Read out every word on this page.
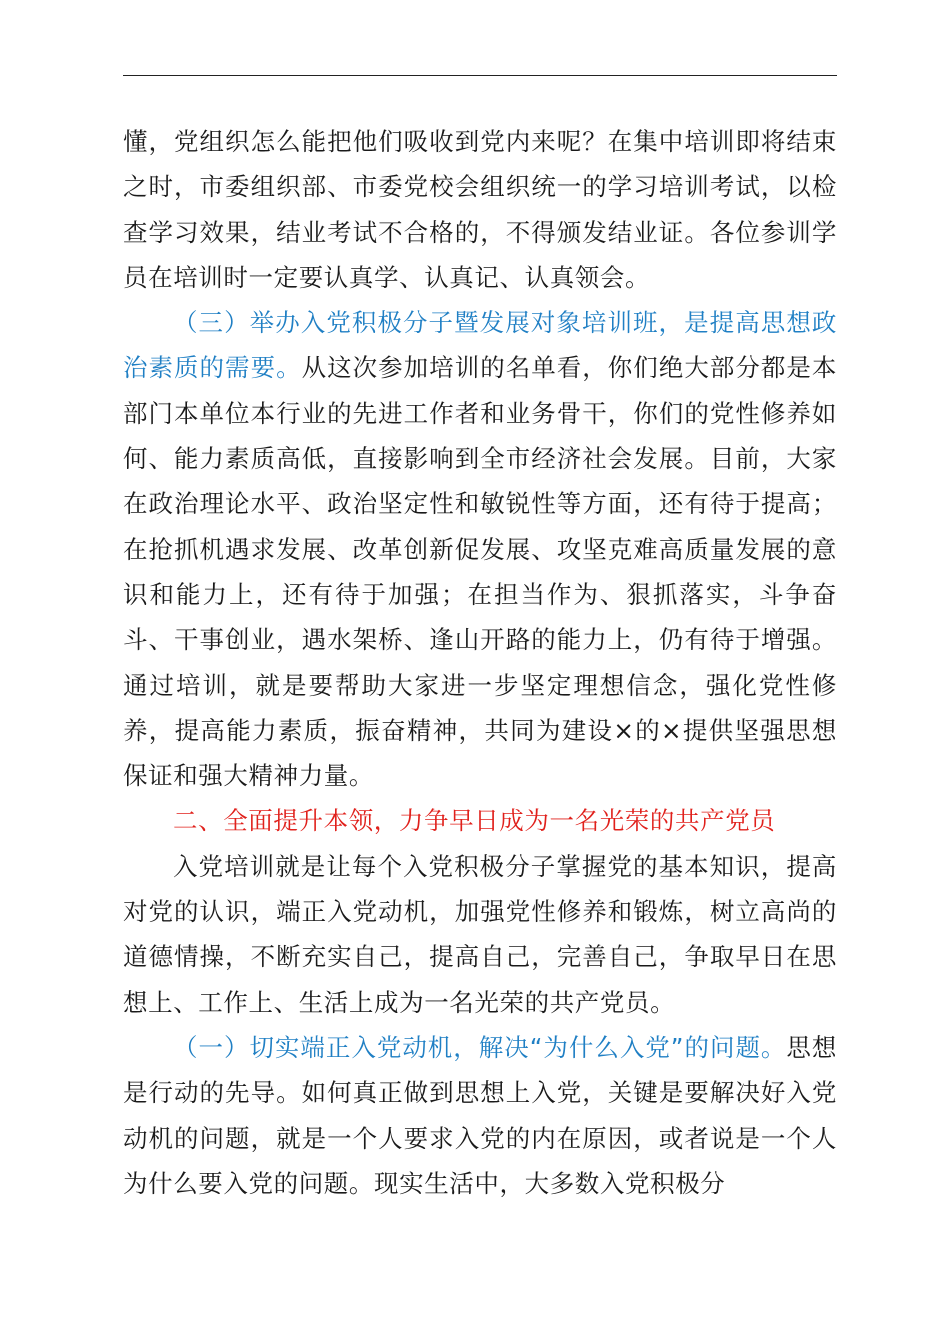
懂，党组织怎么能把他们吸收到党内来呢？在集中培训即将结束之时，市委组织部、市委党校会组织统一的学习培训考试，以检查学习效果，结业考试不合格的，不得颁发结业证。各位参训学员在培训时一定要认真学、认真记、认真领会。

（三）举办入党积极分子暨发展对象培训班，是提高思想政治素质的需要。从这次参加培训的名单看，你们绝大部分都是本部门本单位本行业的先进工作者和业务骨干，你们的党性修养如何、能力素质高低，直接影响到全市经济社会发展。目前，大家在政治理论水平、政治坚定性和敏锐性等方面，还有待于提高；在抢抓机遇求发展、改革创新促发展、攻坚克难高质量发展的意识和能力上，还有待于加强；在担当作为、狠抓落实，斗争奋斗、干事创业，遇水架桥、逢山开路的能力上，仍有待于增强。通过培训，就是要帮助大家进一步坚定理想信念，强化党性修养，提高能力素质，振奋精神，共同为建设×的×提供坚强思想保证和强大精神力量。

二、全面提升本领，力争早日成为一名光荣的共产党员

入党培训就是让每个入党积极分子掌握党的基本知识，提高对党的认识，端正入党动机，加强党性修养和锻炼，树立高尚的道德情操，不断充实自己，提高自己，完善自己，争取早日在思想上、工作上、生活上成为一名光荣的共产党员。

（一）切实端正入党动机，解决“为什么入党”的问题。思想是行动的先导。如何真正做到思想上入党，关键是要解决好入党动机的问题，就是一个人要求入党的内在原因，或者说是一个人为什么要入党的问题。现实生活中，大多数入党积极分
